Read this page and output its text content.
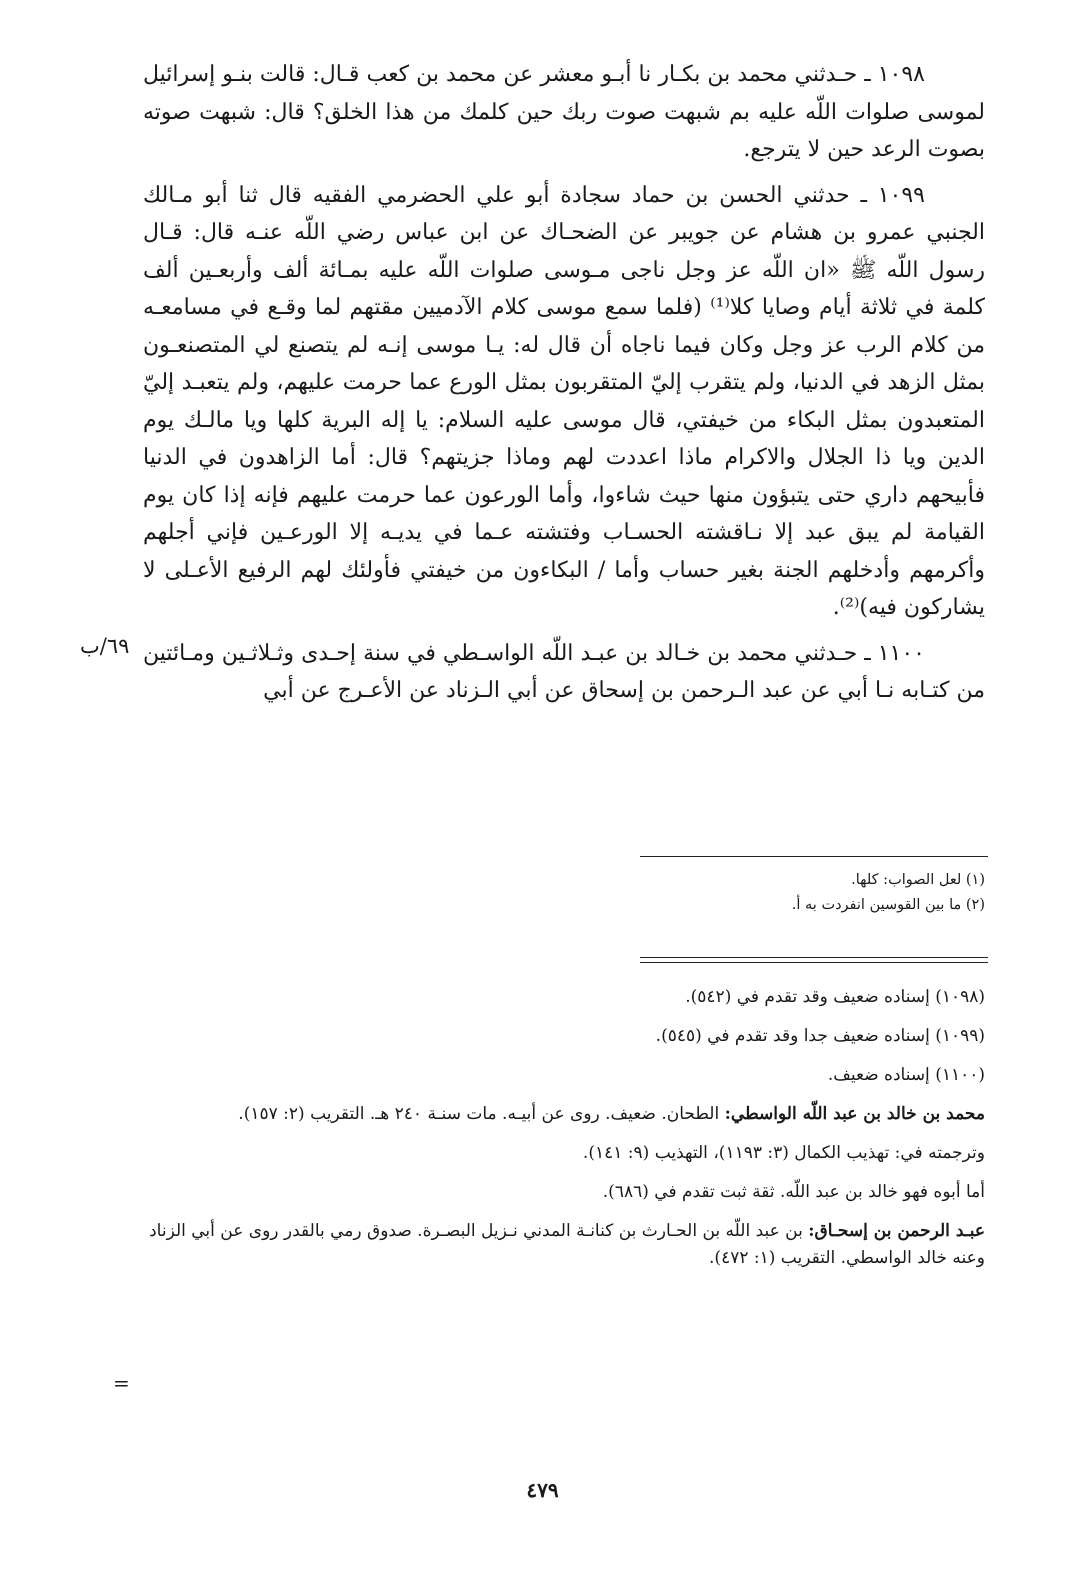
١٠٩٨ ـ حـدثني محمد بن بكـار نا أبـو معشر عن محمد بن كعب قـال: قالت بنـو إسرائيل لموسى صلوات اللّه عليه بم شبهت صوت ربك حين كلمك من هذا الخلق؟ قال: شبهت صوته بصوت الرعد حين لا يترجع.

١٠٩٩ ـ حدثني الحسن بن حماد سجادة أبو علي الحضرمي الفقيه قال ثنا أبو مـالك الجنبي عمرو بن هشام عن جويبر عن الضحـاك عن ابن عباس رضي اللّه عنـه قال: قـال رسول اللّه ﷺ «ان اللّه عز وجل ناجى مـوسى صلوات اللّه عليه بمـائة ألف وأربعـين ألف كلمة في ثلاثة أيام وصايا كلا⁽¹⁾ (فلما سمع موسى كلام الآدميين مقتهم لما وقـع في مسامعـه من كلام الرب عز وجل وكان فيما ناجاه أن قال له: يـا موسى إنـه لم يتصنع لي المتصنعـون بمثل الزهد في الدنيا، ولم يتقرب إليّ المتقربون بمثل الورع عما حرمت عليهم، ولم يتعبـد إليّ المتعبدون بمثل البكاء من خيفتي، قال موسى عليه السلام: يا إله البرية كلها ويا مالـك يوم الدين ويا ذا الجلال والاكرام ماذا اعددت لهم وماذا جزيتهم؟ قال: أما الزاهدون في الدنيا فأبيحهم داري حتى يتبؤون منها حيث شاءوا، وأما الورعون عما حرمت عليهم فإنه إذا كان يوم القيامة لم يبق عبد إلا نـاقشته الحسـاب وفتشته عـما في يديـه إلا الورعـين فإني أجلهم وأكرمهم وأدخلهم الجنة بغير حساب وأما / البكاءون من خيفتي فأولئك لهم الرفيع الأعـلى لا يشاركون فيه)⁽²⁾.

١١٠٠ ـ حـدثني محمد بن خـالد بن عبـد اللّه الواسـطي في سنة إحـدى وثـلاثـين ومـائتين من كتـابه نـا أبي عن عبد الـرحمن بن إسحاق عن أبي الـزناد عن الأعـرج عن أبي

٦٩/ب
(١) لعل الصواب: كلها.
(٢) ما بين القوسين انفردت به أ.
(١٠٩٨) إسناده ضعيف وقد تقدم في (٥٤٢).
(١٠٩٩) إسناده ضعيف جدا وقد تقدم في (٥٤٥).
(١١٠٠) إسناده ضعيف.
محمد بن خالد بن عبد اللّه الواسطي: الطحان. ضعيف. روى عن أبيـه. مات سنـة ٢٤٠ هـ. التقريب (٢: ١٥٧).
وترجمته في: تهذيب الكمال (٣: ١١٩٣)، التهذيب (٩: ١٤١).
أما أبوه فهو خالد بن عبد اللّه. ثقة ثبت تقدم في (٦٨٦).
عبـد الرحمن بن إسحـاق: بن عبد اللّه بن الحـارث بن كنانـة المدني نـزيل البصـرة. صدوق رمي بالقدر روى عن أبي الزناد وعنه خالد الواسطي. التقريب (١: ٤٧٢).
=
٤٧٩
